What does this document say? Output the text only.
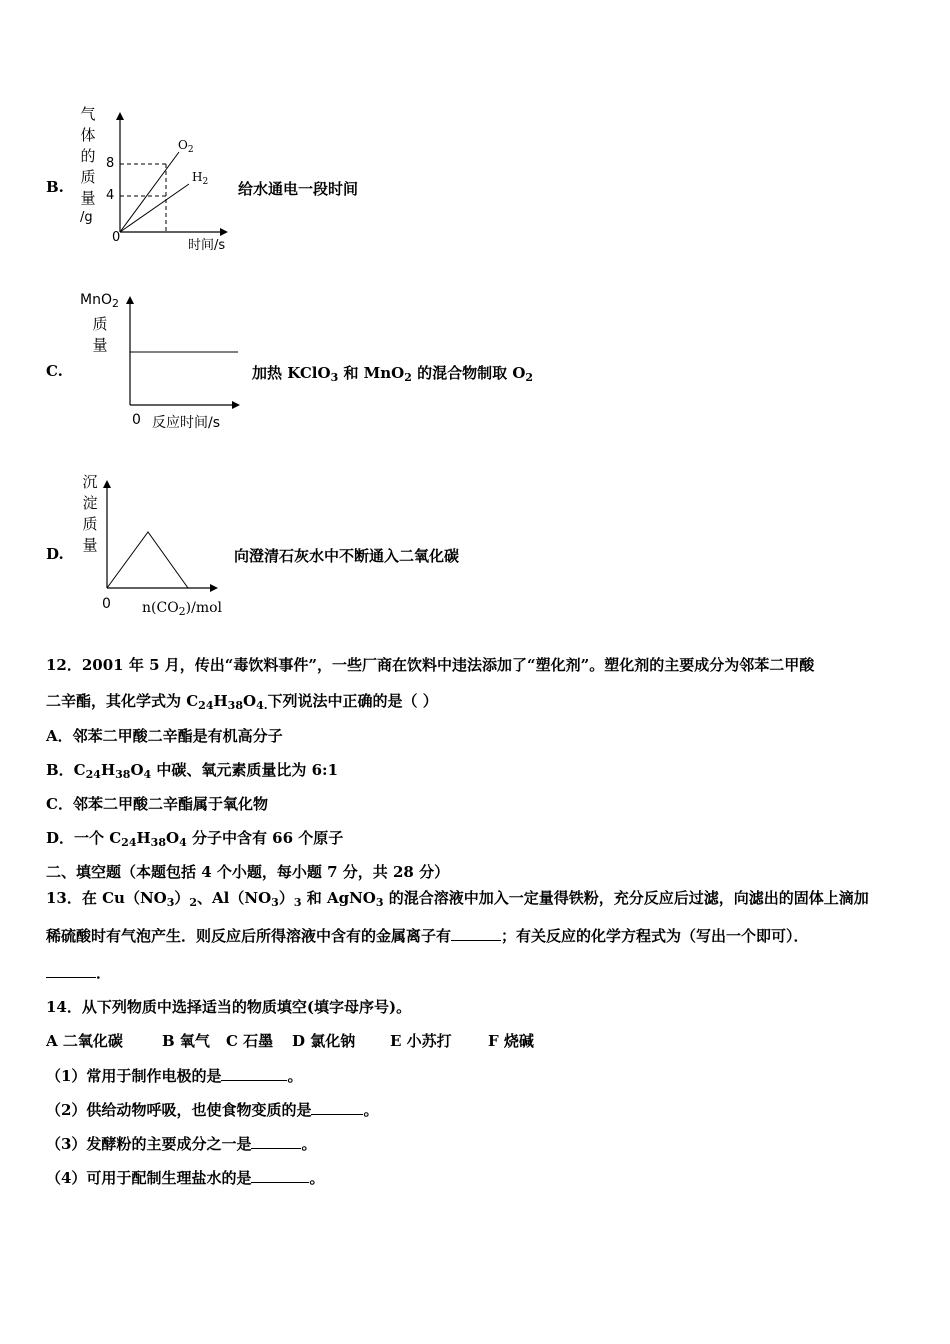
B.
气
体
的
质
量
/g
8
4
0
时间/s
$O_2$
$H_2$ 给水通电一段时间
C.
MnO$_2$
质
量
0 反应时间/s
加热 KClO$_3$ 和 MnO$_2$ 的混合物制取 $O_2$
D.
沉
淀
质
量
0 $n(CO_2)$/mol
向澄清石灰水中不断通入二氧化碳
12．2001 年 5 月，传出“毒饮料事件”，一些厂商在饮料中违法添加了“塑化剂”。塑化剂的主要成分为邻苯二甲酸
二辛酯，其化学式为 $C_{24}H_{38}O_{4.}$下列说法中正确的是（ ）
A．邻苯二甲酸二辛酯是有机高分子
B．$C_{24}H_{38}O_4$ 中碳、氧元素质量比为 6:1
C．邻苯二甲酸二辛酯属于氧化物
D．一个 $C_{24}H_{38}O_4$ 分子中含有 66 个原子
二、填空题（本题包括 4 个小题，每小题 7 分，共 28 分）
13．在 $Cu(NO_3)_2$、$Al(NO_3)_3$ 和 AgNO$_3$ 的混合溶液中加入一定量得铁粉，充分反应后过滤，向滤出的固体上滴加
稀硫酸时有气泡产生．则反应后所得溶液中含有的金属离子有	；有关反应的化学方程式为（写出一个即可）．
．
14．从下列物质中选择适当的物质填空(填字母序号)。
A 二氧化碳	B 氧气 C 石墨 D 氯化钠 E 小苏打 F 烧碱
（1）常用于制作电极的是	。
（2）供给动物呼吸，也使食物变质的是	。
（3）发酵粉的主要成分之一是	。
（4）可用于配制生理盐水的是	。
